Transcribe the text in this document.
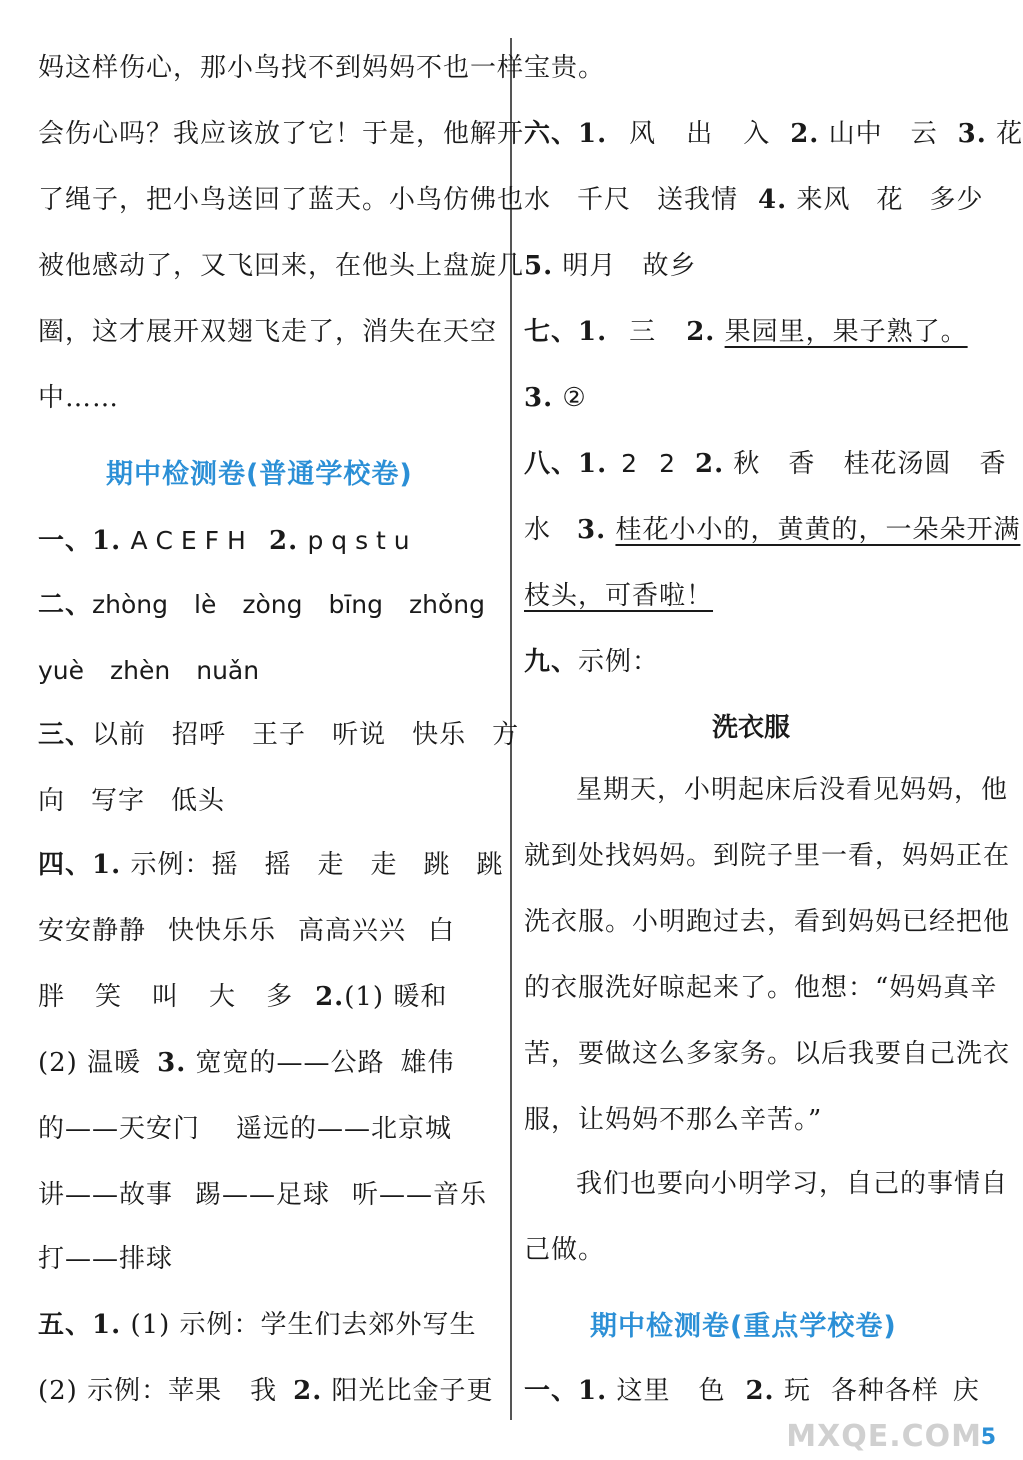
妈这样伤心，那小鸟找不到妈妈不也一样
会伤心吗？我应该放了它！于是，他解开
了绳子，把小鸟送回了蓝天。小鸟仿佛也
被他感动了，又飞回来，在他头上盘旋几
圈，这才展开双翅飞走了，消失在天空
中……
期中检测卷(普通学校卷)
一、1. A C E F H 2. p q s t u
二、zhòng lè zòng bīng zhǒng
yuè zhèn nuǎn
三、以前 招呼 王子 听说 快乐 方
向 写字 低头
四、1. 示例：摇 摇 走 走 跳 跳
安安静静 快快乐乐 高高兴兴 白
胖 笑 叫 大 多 2.(1) 暖和
(2) 温暖 3. 宽宽的——公路 雄伟
的——天安门 遥远的——北京城
讲——故事 踢——足球 听——音乐
打——排球
五、1. (1) 示例：学生们去郊外写生
(2) 示例：苹果 我 2. 阳光比金子更
宝贵。
六、1. 风 出 入 2. 山中 云 3. 花
水 千尺 送我情 4. 来风 花 多少
5. 明月 故乡
七、1. 三 2. 果园里，果子熟了。
3. ②
八、1. 2 2 2. 秋 香 桂花汤圆 香
水 3. 桂花小小的，黄黄的，一朵朵开满
枝头，可香啦！
九、示例：
洗衣服
星期天，小明起床后没看见妈妈，他
就到处找妈妈。到院子里一看，妈妈正在
洗衣服。小明跑过去，看到妈妈已经把他
的衣服洗好晾起来了。他想：“妈妈真辛
苦，要做这么多家务。以后我要自己洗衣
服，让妈妈不那么辛苦。”
我们也要向小明学习，自己的事情自
己做。
期中检测卷(重点学校卷)
一、1. 这里 色 2. 玩 各种各样 庆
MXQE.COM
5
